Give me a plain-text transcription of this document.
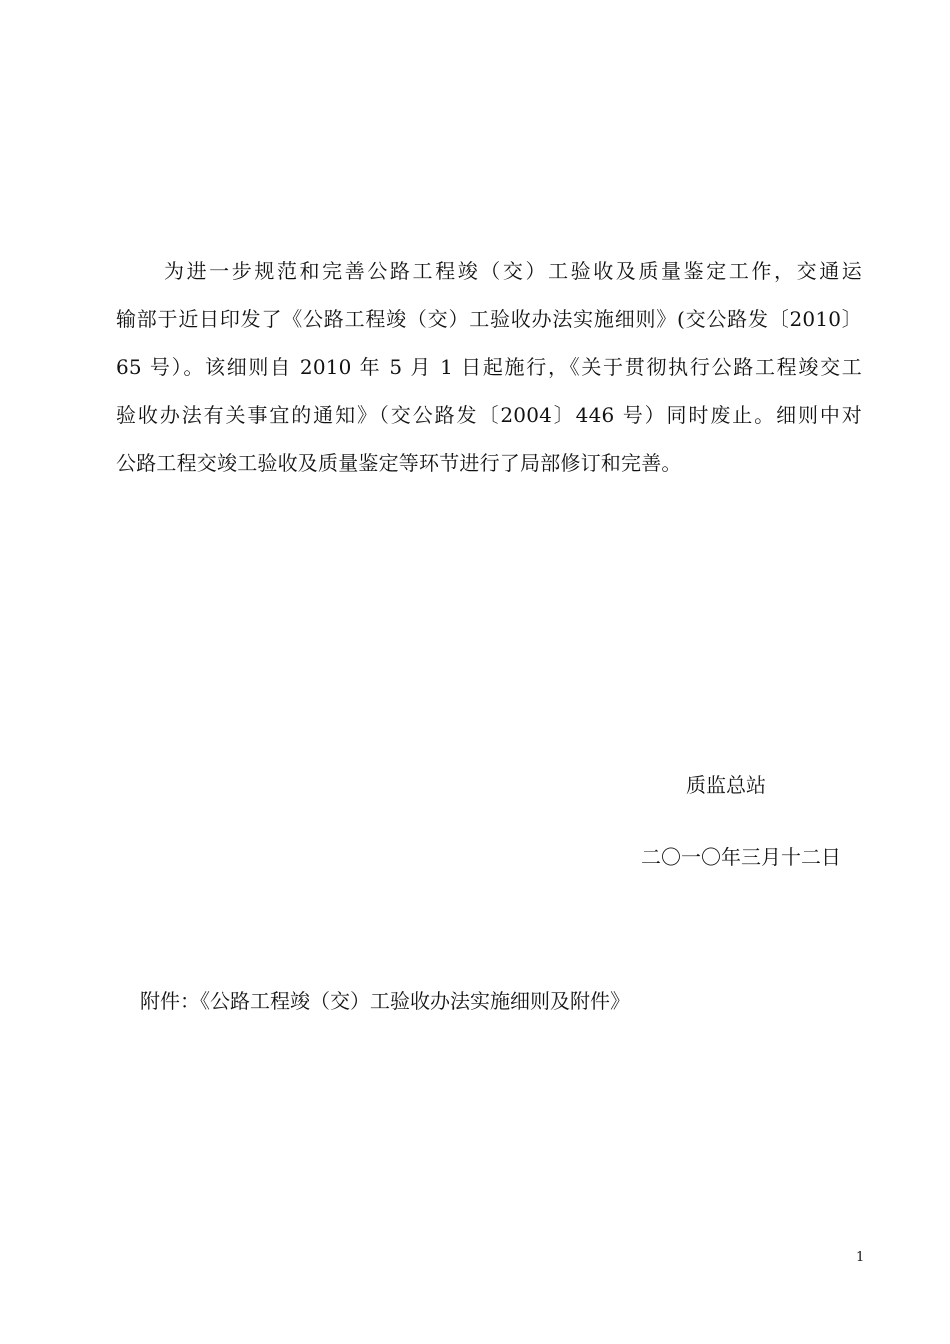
为进一步规范和完善公路工程竣（交）工验收及质量鉴定工作，交通运
输部于近日印发了《公路工程竣（交）工验收办法实施细则》(交公路发〔2010〕
65 号）。该细则自 2010 年 5 月 1 日起施行，《关于贯彻执行公路工程竣交工
验收办法有关事宜的通知》（交公路发〔2004〕446 号）同时废止。细则中对
公路工程交竣工验收及质量鉴定等环节进行了局部修订和完善。
质监总站
二〇一〇年三月十二日
附件：《公路工程竣（交）工验收办法实施细则及附件》
1
